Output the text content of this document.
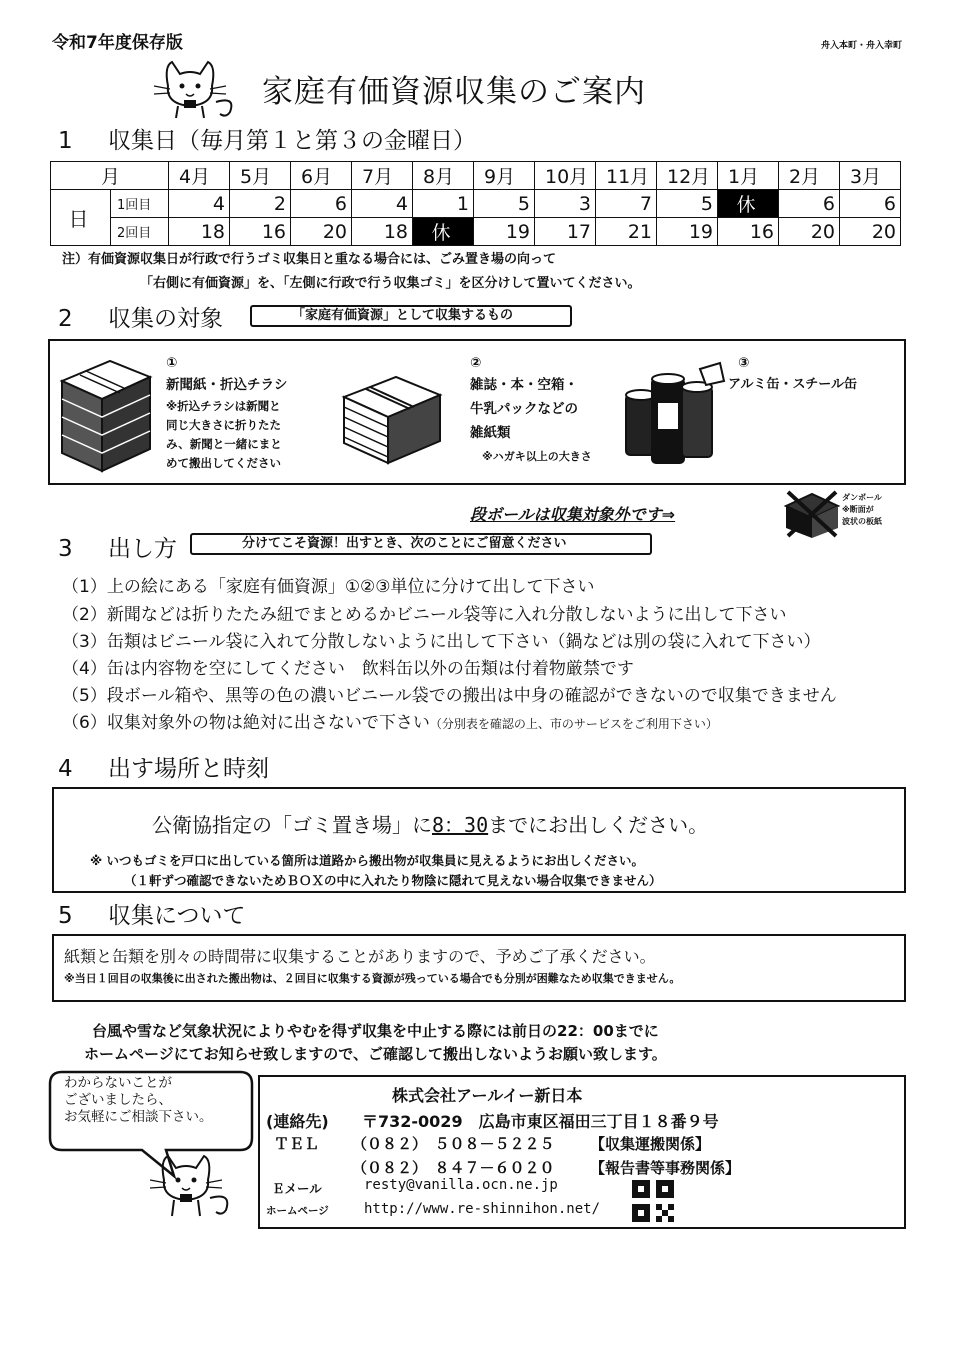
令和7年度保存版	舟入本町・舟入幸町
家庭有価資源収集のご案内
1 収集日（毎月第１と第３の金曜日）
月		4月	5月	6月	7月	8月	9月	10月	11月	12月	1月	2月	3月
日	1回目	4	2	6	4	1	5	3	7	5	休	6	6
	2回目	18	16	20	18	休	19	17	21	19	16	20	20
注）有価資源収集日が行政で行うゴミ収集日と重なる場合には、ごみ置き場の向って
「右側に有価資源」を、「左側に行政で行う収集ゴミ」を区分けして置いてください。
2 収集の対象	「家庭有価資源」として収集するもの
①
新聞紙・折込チラシ
※折込チラシは新聞と
同じ大きさに折りたた
み、新聞と一緒にまと
めて搬出してください
②
雑誌・本・空箱・
牛乳パックなどの
雑紙類
※ハガキ以上の大きさ
③
アルミ缶・スチール缶
段ボールは収集対象外です⇒
ダンボール
※断面が
波状の板紙
3 出し方	分けてこそ資源！出すとき、次のことにご留意ください
（1）上の絵にある「家庭有価資源」①②③単位に分けて出して下さい
（2）新聞などは折りたたみ紐でまとめるかビニール袋等に入れ分散しないように出して下さい
（3）缶類はビニール袋に入れて分散しないように出して下さい（鍋などは別の袋に入れて下さい）
（4）缶は内容物を空にしてください　飲料缶以外の缶類は付着物厳禁です
（5）段ボール箱や、黒等の色の濃いビニール袋での搬出は中身の確認ができないので収集できません
（6）収集対象外の物は絶対に出さないで下さい（分別表を確認の上、市のサービスをご利用下さい）
4 出す場所と時刻
公衛協指定の「ゴミ置き場」に8：30までにお出しください。
※ いつもゴミを戸口に出している箇所は道路から搬出物が収集員に見えるようにお出しください。
（１軒ずつ確認できないためＢＯＸの中に入れたり物陰に隠れて見えない場合収集できません）
5 収集について
紙類と缶類を別々の時間帯に収集することがありますので、予めご了承ください。
※当日１回目の収集後に出された搬出物は、２回目に収集する資源が残っている場合でも分別が困難なため収集できません。
台風や雪など気象状況によりやむを得ず収集を中止する際には前日の22：00までに
ホームページにてお知らせ致しますので、ご確認して搬出しないようお願い致します。
わからないことが
ございましたら、
お気軽にご相談下さい。
株式会社アールイー新日本
(連絡先) 〒732-0029　広島市東区福田三丁目１８番９号
ＴＥＬ （０８２）　５０８－５２２５ 【収集運搬関係】
（０８２）　８４７－６０２０ 【報告書等事務関係】
Ｅメール	resty@vanilla.ocn.ne.jp
ホームページ	http://www.re-shinnihon.net/
